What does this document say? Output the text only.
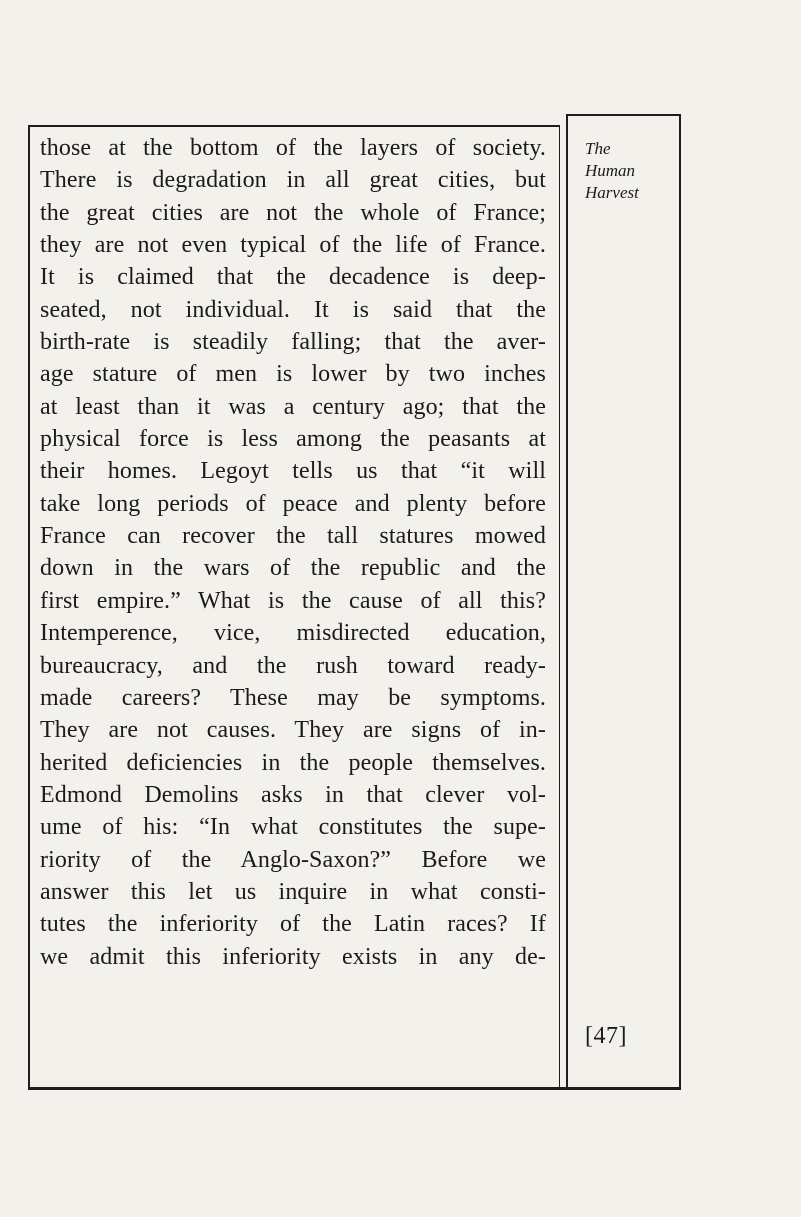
those at the bottom of the layers of society.
There is degradation in all great cities, but
the great cities are not the whole of France;
they are not even typical of the life of France.
It is claimed that the decadence is deep-
seated, not individual. It is said that the
birth-rate is steadily falling; that the aver-
age stature of men is lower by two inches
at least than it was a century ago; that the
physical force is less among the peasants at
their homes. Legoyt tells us that “it will
take long periods of peace and plenty before
France can recover the tall statures mowed
down in the wars of the republic and the
first empire.” What is the cause of all this?
Intemperence, vice, misdirected education,
bureaucracy, and the rush toward ready-
made careers? These may be symptoms.
They are not causes. They are signs of in-
herited deficiencies in the people themselves.
Edmond Demolins asks in that clever vol-
ume of his: “In what constitutes the supe-
riority of the Anglo-Saxon?” Before we
answer this let us inquire in what consti-
tutes the inferiority of the Latin races? If
we admit this inferiority exists in any de-

The
Human
Harvest

[47]
